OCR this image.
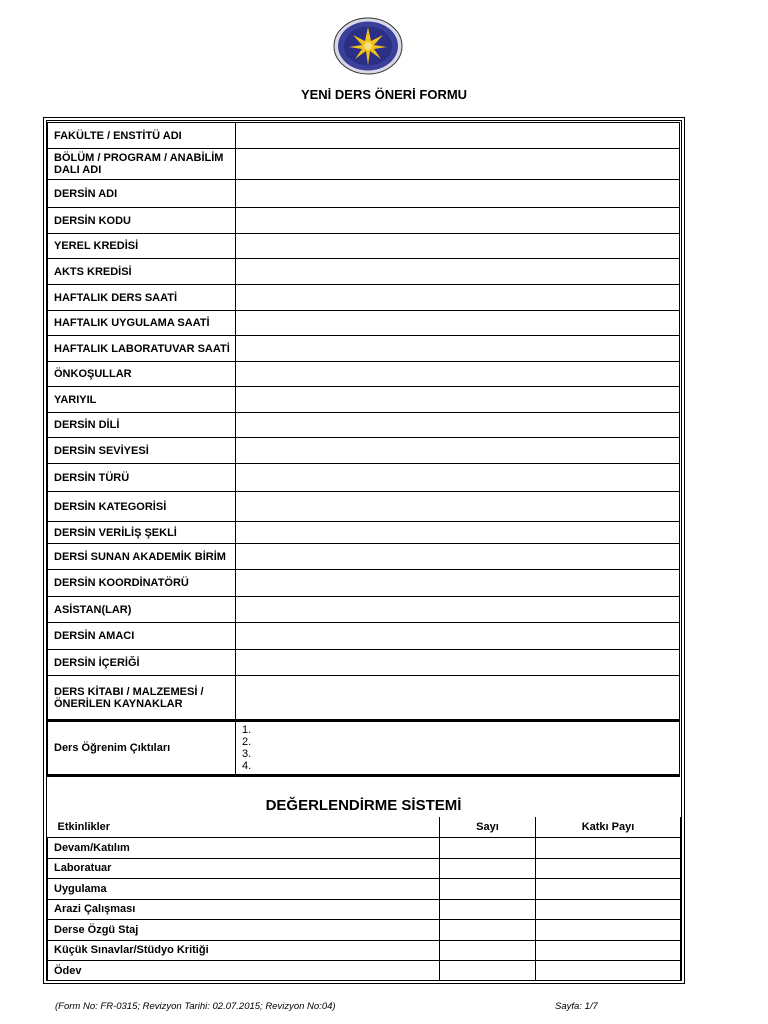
YENİ DERS ÖNERİ FORMU
FAKÜLTE / ENSTİTÜ ADI	
BÖLÜM / PROGRAM / ANABİLİM DALI ADI	
DERSİN ADI	
DERSİN KODU	
YEREL KREDİSİ	
AKTS KREDİSİ	
HAFTALIK DERS SAATİ	
HAFTALIK UYGULAMA SAATİ	
HAFTALIK LABORATUVAR SAATİ	
ÖNKOŞULLAR	
YARIYIL	
DERSİN DİLİ	
DERSİN SEVİYESİ	
DERSİN TÜRÜ	
DERSİN KATEGORİSİ	
DERSİN VERİLİŞ ŞEKLİ	
DERSİ SUNAN AKADEMİK BİRİM	
DERSİN KOORDİNATÖRÜ	
ASİSTAN(LAR)	
DERSİN AMACI	
DERSİN İÇERİĞİ	
DERS KİTABI / MALZEMESİ / ÖNERİLEN KAYNAKLAR	
Ders Öğrenim Çıktıları	1.
2.
3.
4.
DEĞERLENDİRME SİSTEMİ
Etkinlikler	Sayı	Katkı Payı
Devam/Katılım		
Laboratuar		
Uygulama		
Arazi Çalışması		
Derse Özgü Staj		
Küçük Sınavlar/Stüdyo Kritiği		
Ödev		
(Form No: FR-0315; Revizyon Tarihi: 02.07.2015; Revizyon No:04)	Sayfa: 1/7
